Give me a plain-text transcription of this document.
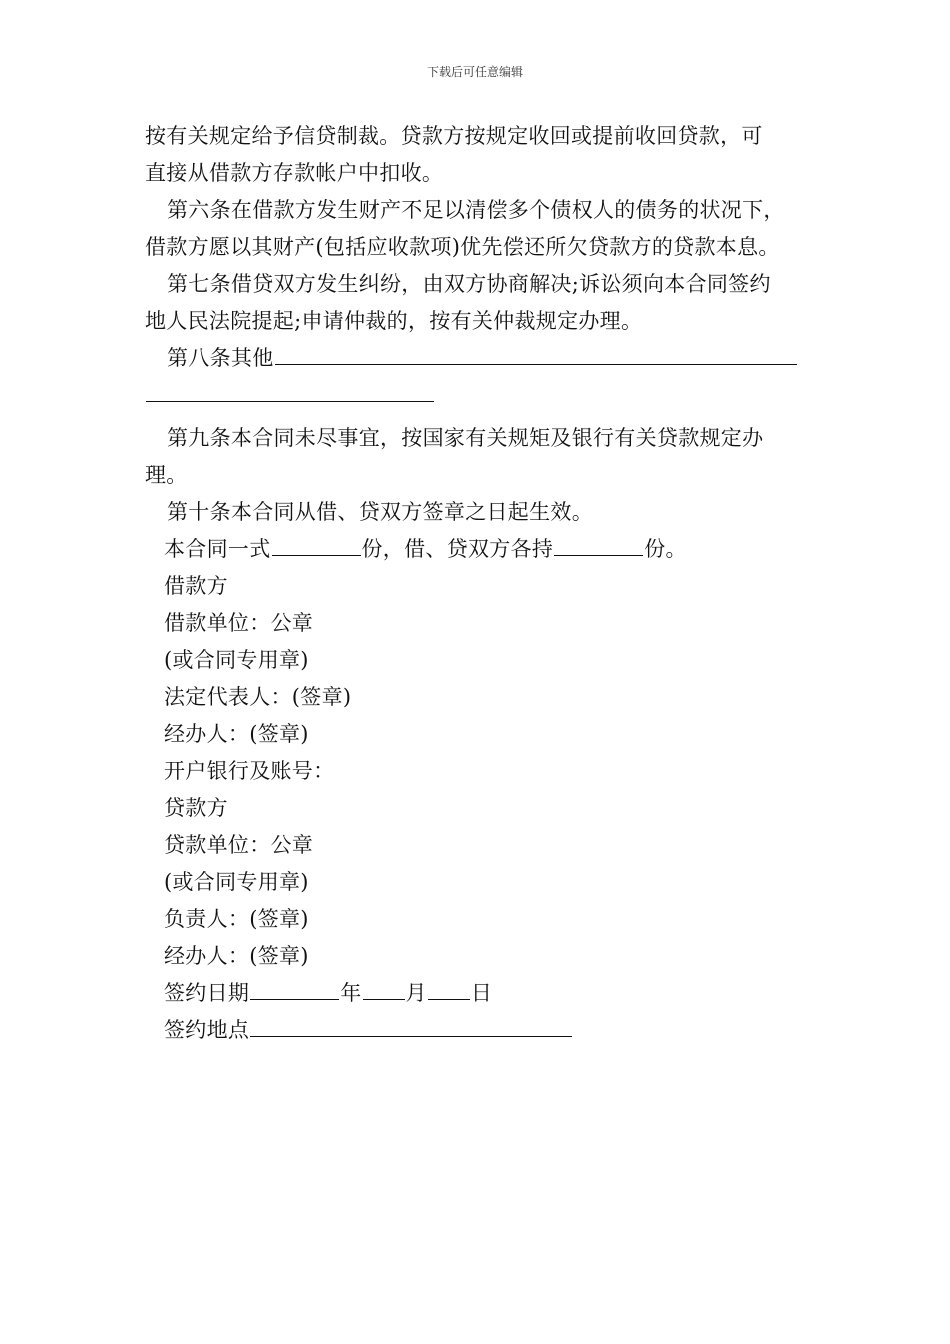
下载后可任意编辑
按有关规定给予信贷制裁。贷款方按规定收回或提前收回贷款，可
直接从借款方存款帐户中扣收。
第六条在借款方发生财产不足以清偿多个债权人的债务的状况下，
借款方愿以其财产(包括应收款项)优先偿还所欠贷款方的贷款本息。
第七条借贷双方发生纠纷，由双方协商解决;诉讼须向本合同签约
地人民法院提起;申请仲裁的，按有关仲裁规定办理。
第八条其他
第九条本合同未尽事宜，按国家有关规矩及银行有关贷款规定办
理。
第十条本合同从借、贷双方签章之日起生效。
本合同一式	份，借、贷双方各持	份。
借款方
借款单位：公章
(或合同专用章)
法定代表人：(签章)
经办人：(签章)
开户银行及账号：
贷款方
贷款单位：公章
(或合同专用章)
负责人：(签章)
经办人：(签章)
签约日期	年 月 日
签约地点
